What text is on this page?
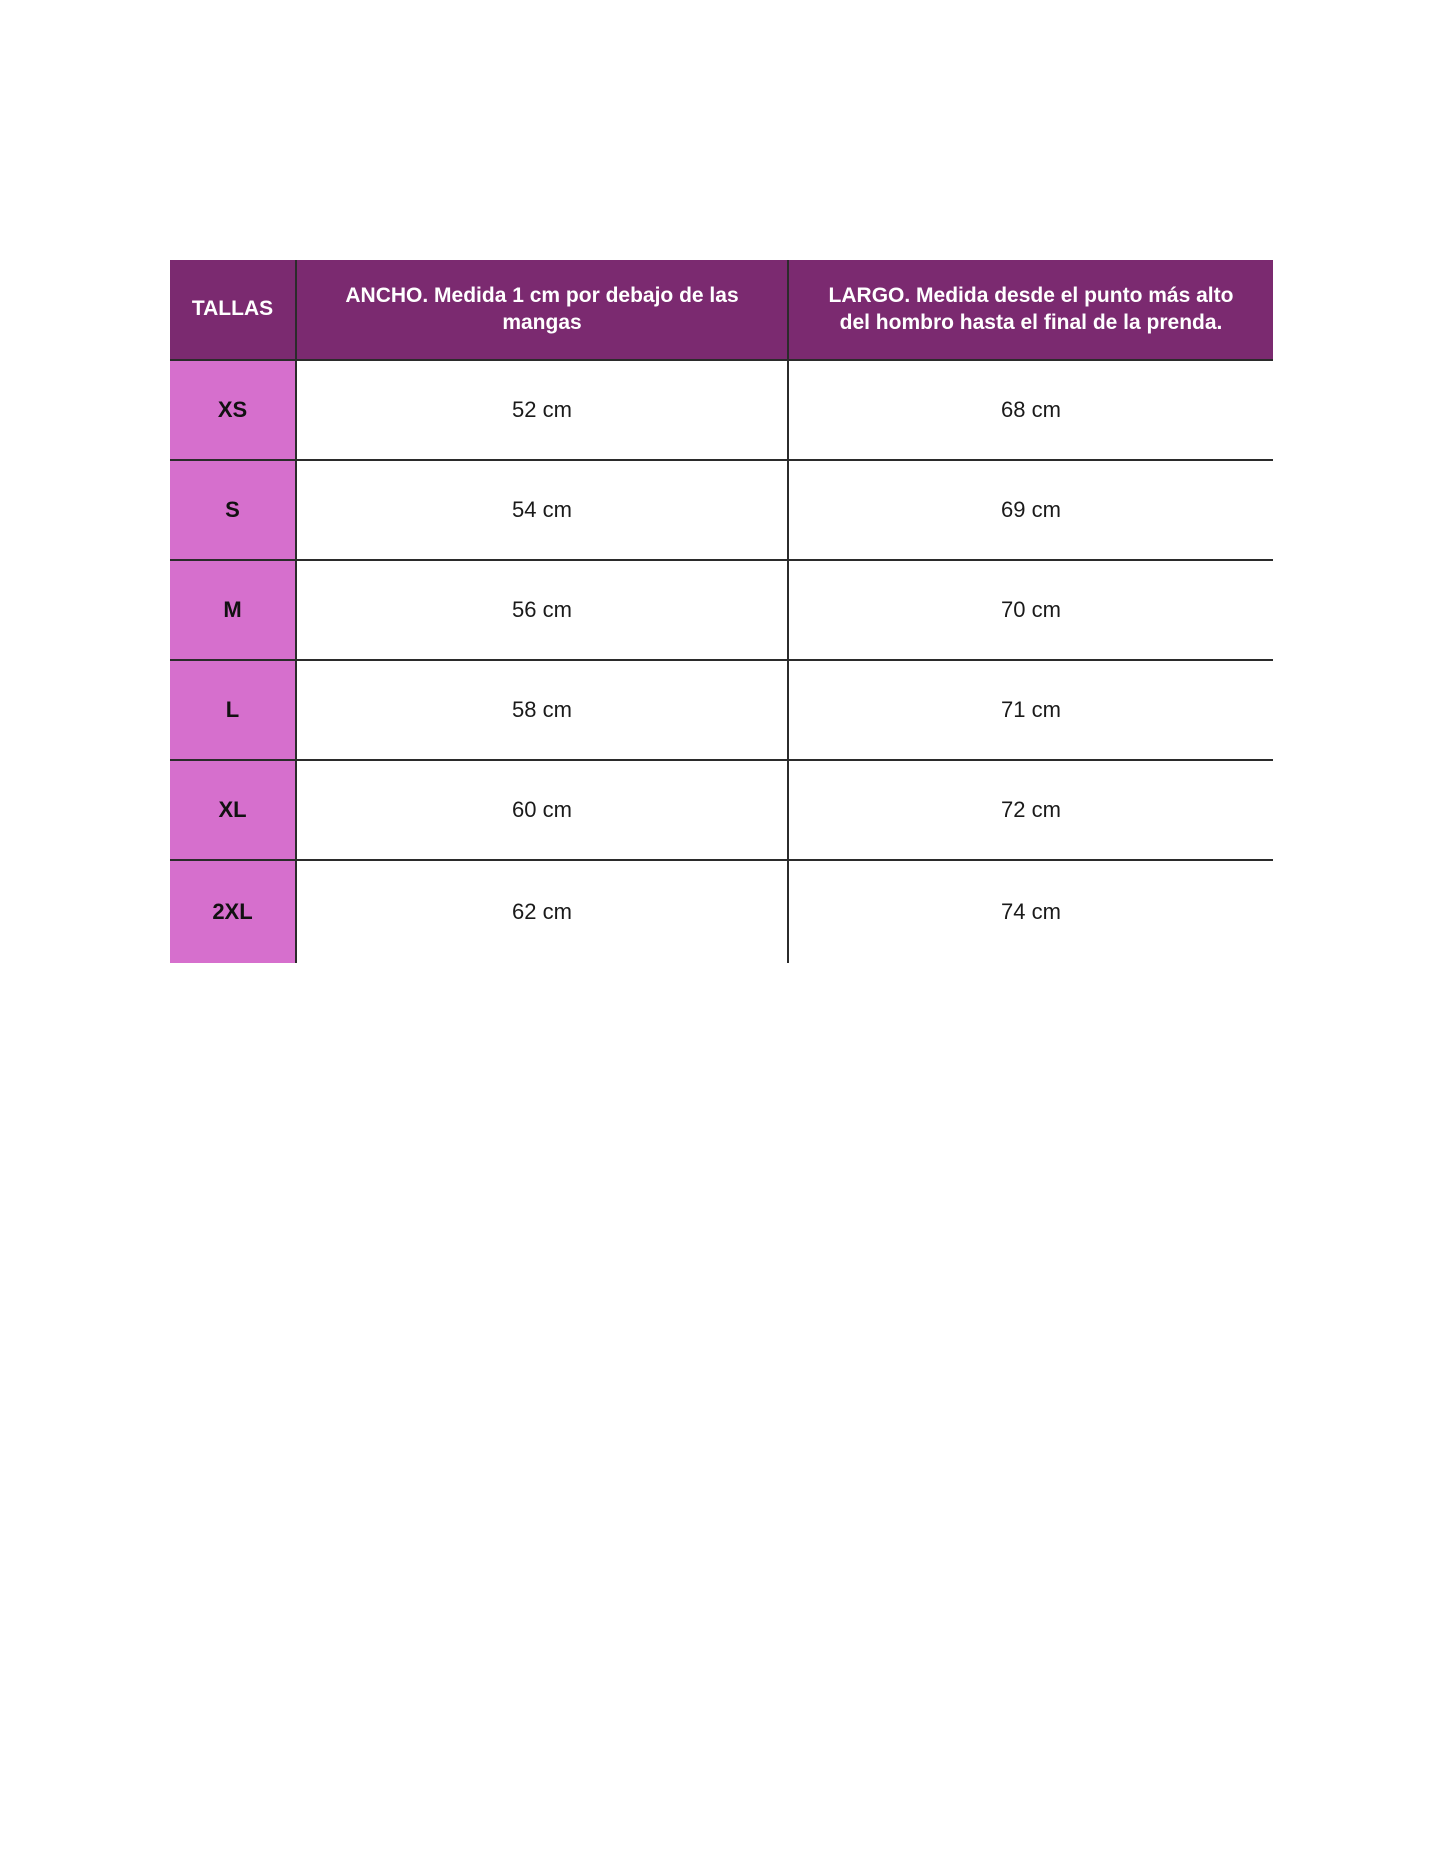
TALLAS	ANCHO. Medida 1 cm por debajo de las mangas	LARGO. Medida desde el punto más alto del hombro hasta el final de la prenda.
XS	52 cm	68 cm
S	54 cm	69 cm
M	56 cm	70 cm
L	58 cm	71 cm
XL	60 cm	72 cm
2XL	62 cm	74 cm
